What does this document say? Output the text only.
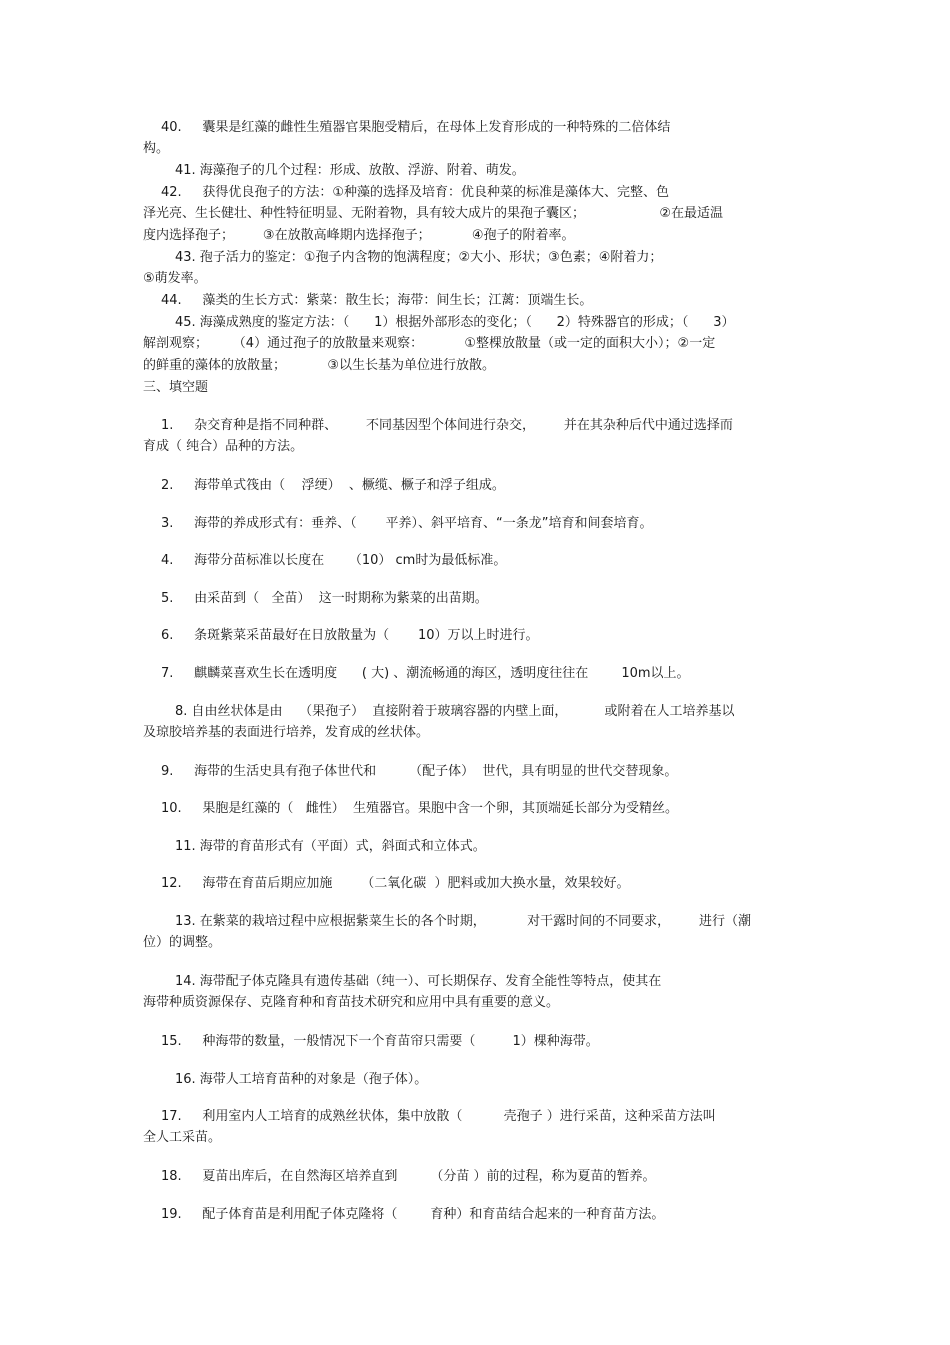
40.     囊果是红藻的雌性生殖器官果胞受精后，在母体上发育形成的一种特殊的二倍体结
构。
41. 海藻孢子的几个过程：形成、放散、浮游、附着、萌发。
42.     获得优良孢子的方法：①种藻的选择及培育：优良种菜的标准是藻体大、完整、色
泽光亮、生长健壮、种性特征明显、无附着物，具有较大成片的果孢子囊区；                  ②在最适温
度内选择孢子；       ③在放散高峰期内选择孢子；          ④孢子的附着率。
43. 孢子活力的鉴定：①孢子内含物的饱满程度；②大小、形状；③色素；④附着力；
⑤萌发率。
44.     藻类的生长方式：紫菜：散生长；海带：间生长；江蓠：顶端生长。
45. 海藻成熟度的鉴定方法：（      1）根据外部形态的变化；（      2）特殊器官的形成；（      3）
解剖观察；      （4）通过孢子的放散量来观察：          ①整棵放散量（或一定的面积大小）；②一定
的鲜重的藻体的放散量；          ③以生长基为单位进行放散。
三、填空题
1.     杂交育种是指不同种群、       不同基因型个体间进行杂交，       并在其杂种后代中通过选择而
育成（ 纯合）品种的方法。
2.     海带单式筏由（    浮绠）  、橛缆、橛子和浮子组成。
3.     海带的养成形式有：垂养、（       平养）、斜平培育、“一条龙”培育和间套培育。
4.     海带分苗标准以长度在      （10） cm时为最低标准。
5.     由采苗到（   全苗）  这一时期称为紫菜的出苗期。
6.     条斑紫菜采苗最好在日放散量为（       10）万以上时进行。
7.     麒麟菜喜欢生长在透明度      ( 大) 、潮流畅通的海区，透明度往往在        10m以上。
8. 自由丝状体是由    （果孢子）  直接附着于玻璃容器的内壁上面，         或附着在人工培养基以
及琼胶培养基的表面进行培养，发育成的丝状体。
9.     海带的生活史具有孢子体世代和        （配子体）  世代，具有明显的世代交替现象。
10.     果胞是红藻的（   雌性）  生殖器官。果胞中含一个卵，其顶端延长部分为受精丝。
11. 海带的育苗形式有（平面）式，斜面式和立体式。
12.     海带在育苗后期应加施       （二氧化碳  ）肥料或加大换水量，效果较好。
13. 在紫菜的栽培过程中应根据紫菜生长的各个时期，          对干露时间的不同要求，       进行（潮
位）的调整。
14. 海带配子体克隆具有遗传基础（纯一）、可长期保存、发育全能性等特点，使其在
海带种质资源保存、克隆育种和育苗技术研究和应用中具有重要的意义。
15.     种海带的数量，一般情况下一个育苗帘只需要（         1）棵种海带。
16. 海带人工培育苗种的对象是（孢子体）。
17.     利用室内人工培育的成熟丝状体，集中放散（          壳孢子 ）进行采苗，这种采苗方法叫
全人工采苗。
18.     夏苗出库后，在自然海区培养直到        （分苗 ）前的过程，称为夏苗的暂养。
19.     配子体育苗是利用配子体克隆将（        育种）和育苗结合起来的一种育苗方法。
